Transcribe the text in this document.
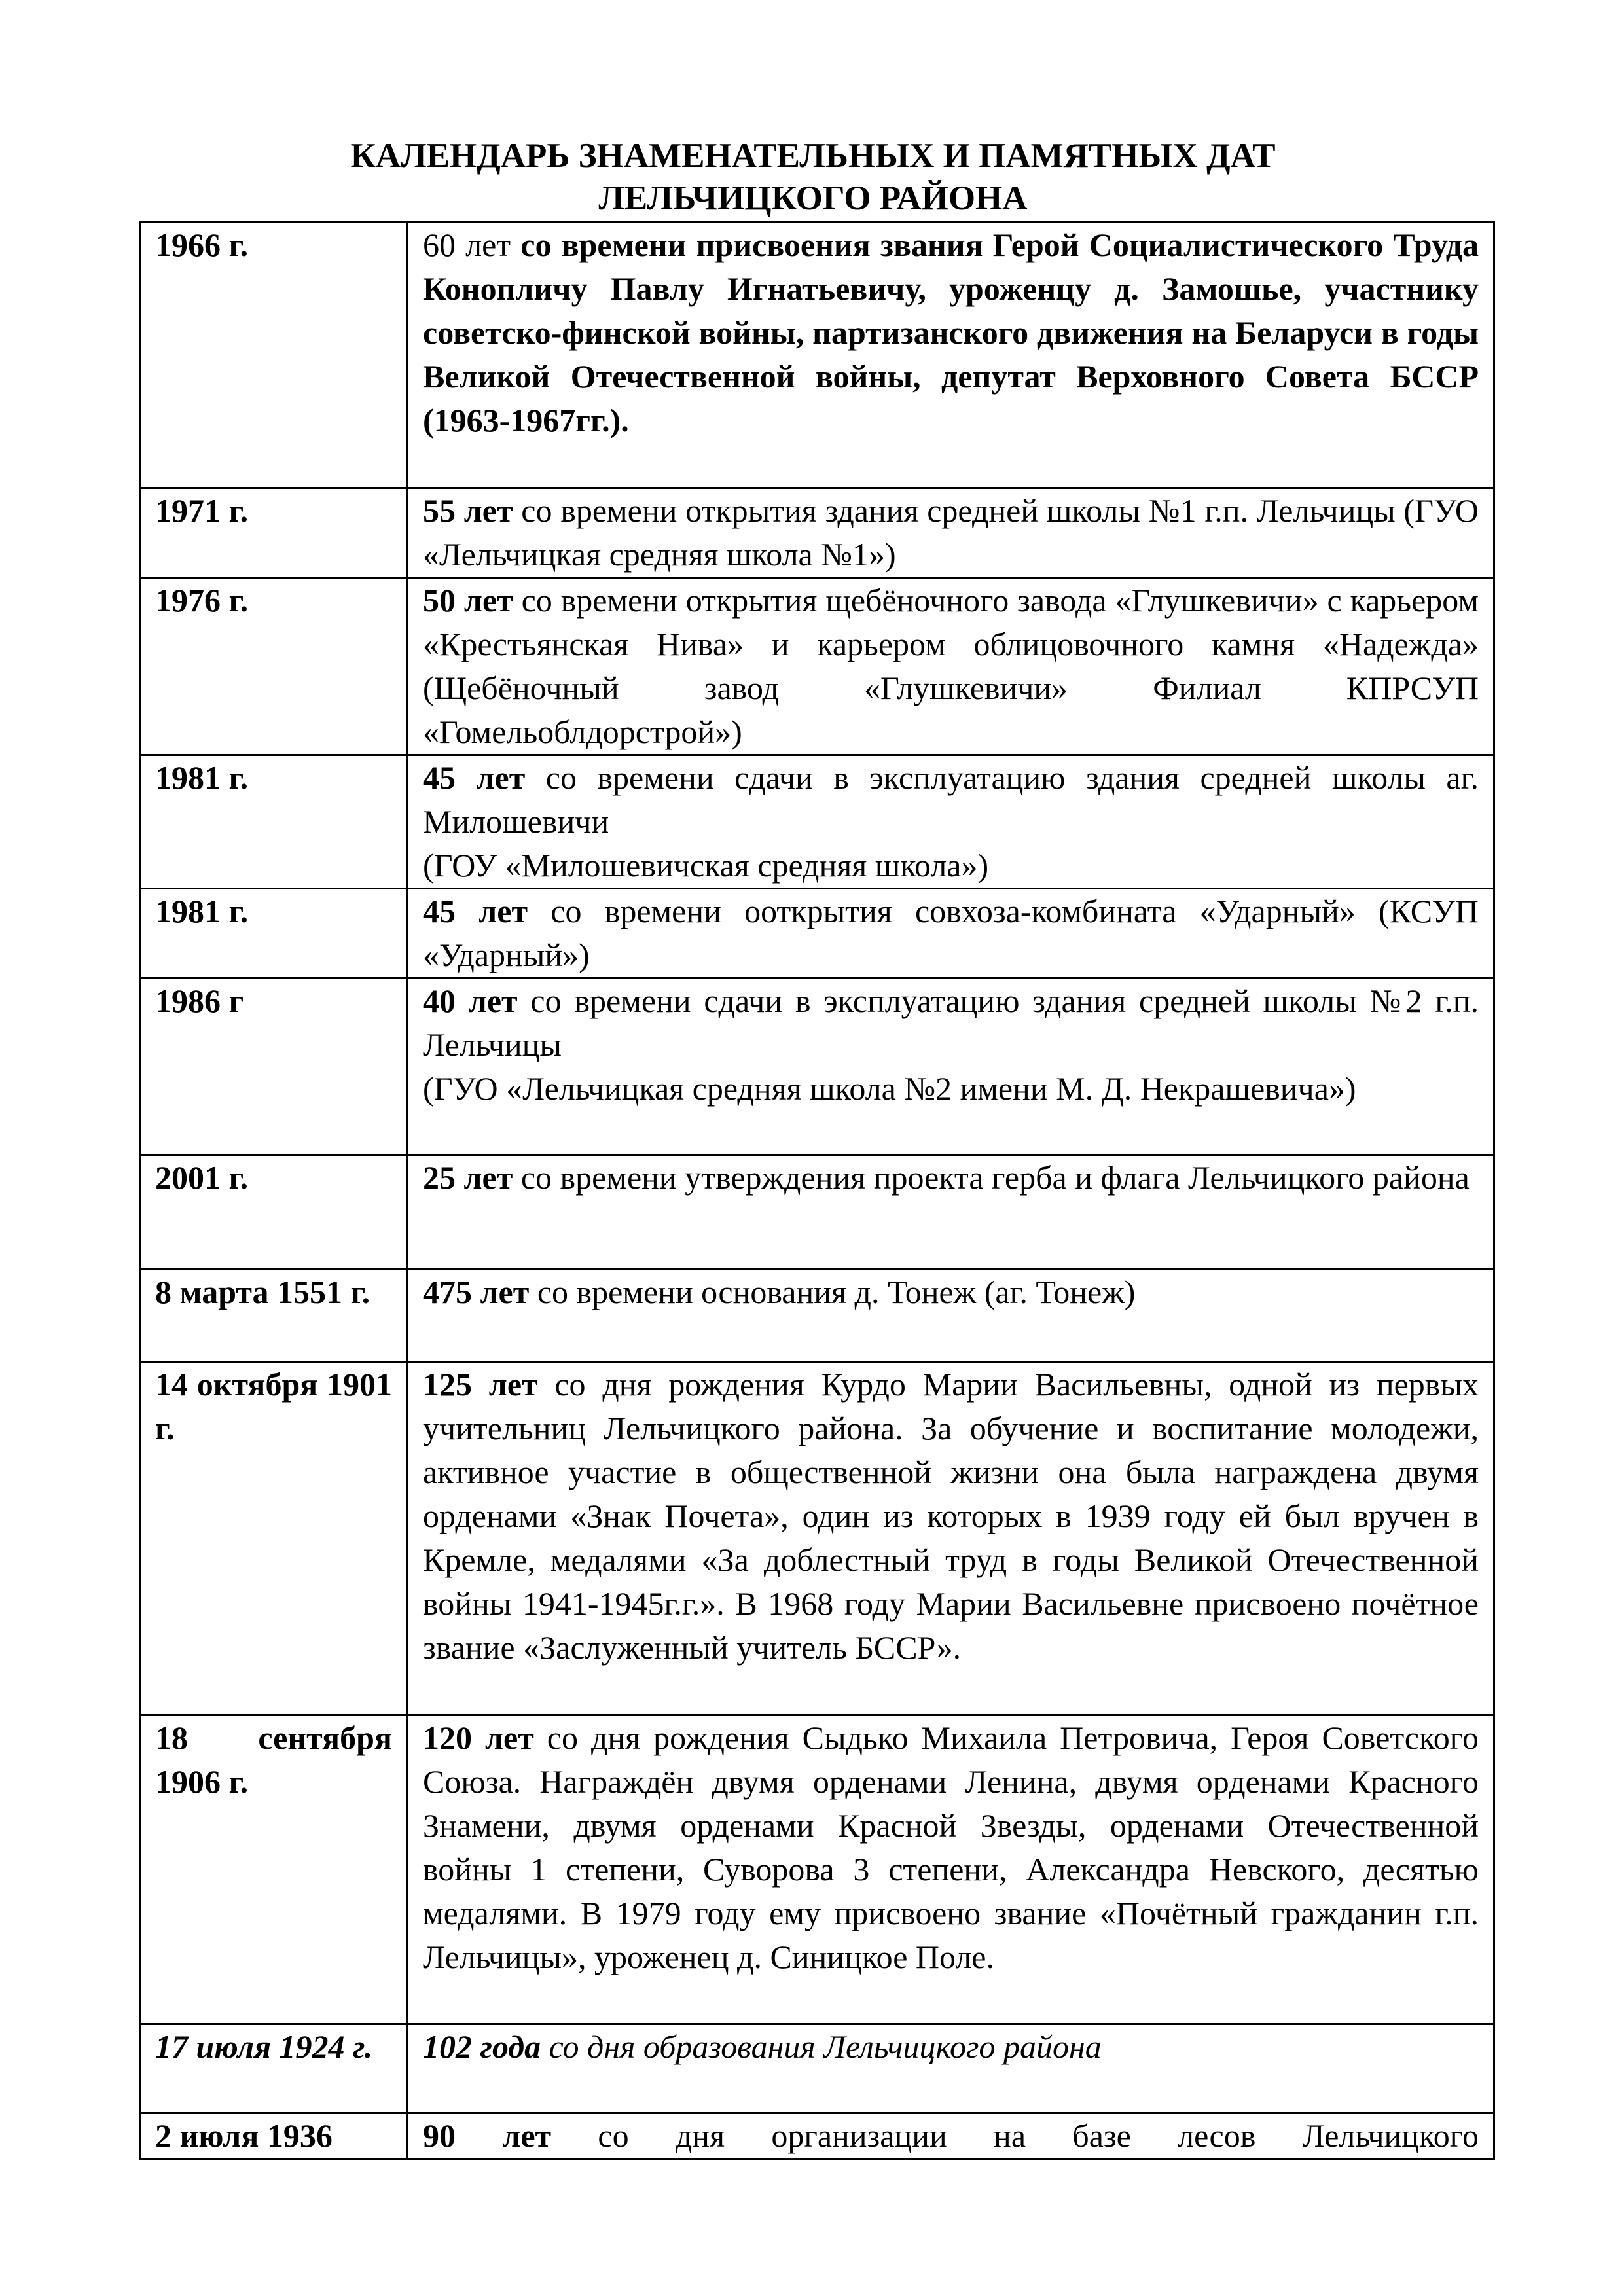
КАЛЕНДАРЬ ЗНАМЕНАТЕЛЬНЫХ И ПАМЯТНЫХ ДАТ
ЛЕЛЬЧИЦКОГО РАЙОНА
1966 г.	60 лет со времени присвоения звания Герой Социалистического Труда Конопличу Павлу Игнатьевичу, уроженцу д. Замошье, участнику советско-финской войны, партизанского движения на Беларуси в годы Великой Отечественной войны, депутат Верховного Совета БССР (1963-1967гг.).
1971 г.	55 лет со времени открытия здания средней школы №1 г.п. Лельчицы (ГУО «Лельчицкая средняя школа №1»)
1976 г.	50 лет со времени открытия щебёночного завода «Глушкевичи» с карьером «Крестьянская Нива» и карьером облицовочного камня «Надежда» (Щебёночный завод «Глушкевичи» Филиал КПРСУП «Гомельоблдорстрой»)
1981 г.	45 лет со времени сдачи в эксплуатацию здания средней школы аг. Милошевичи
(ГОУ «Милошевичская средняя школа»)

1981 г.	45 лет со времени ооткрытия совхоза-комбината «Ударный» (КСУП «Ударный»)
1986 г	40 лет со времени сдачи в эксплуатацию здания средней школы №2 г.п. Лельчицы
(ГУО «Лельчицкая средняя школа №2 имени М. Д. Некрашевича»)

2001 г.	25 лет со времени утверждения проекта герба и флага Лельчицкого района
8 марта 1551 г.	475 лет со времени основания д. Тонеж (аг. Тонеж)
14 октября 1901 г.	125 лет со дня рождения Курдо Марии Васильевны, одной из первых учительниц Лельчицкого района. За обучение и воспитание молодежи, активное участие в общественной жизни она была награждена двумя орденами «Знак Почета», один из которых в 1939 году ей был вручен в Кремле, медалями «За доблестный труд в годы Великой Отечественной войны 1941-1945г.г.». В 1968 году Марии Васильевне присвоено почётное звание «Заслуженный учитель БССР».
18 сентября 1906 г.	120 лет со дня рождения Сыдько Михаила Петровича, Героя Советского Союза. Награждён двумя орденами Ленина, двумя орденами Красного Знамени, двумя орденами Красной Звезды, орденами Отечественной войны 1 степени, Суворова 3 степени, Александра Невского, десятью медалями. В 1979 году ему присвоено звание «Почётный гражданин г.п. Лельчицы», уроженец д. Синицкое Поле.
17 июля 1924 г.	102 года со дня образования Лельчицкого района
2 июля 1936	90 лет со дня организации на базе лесов Лельчицкого
